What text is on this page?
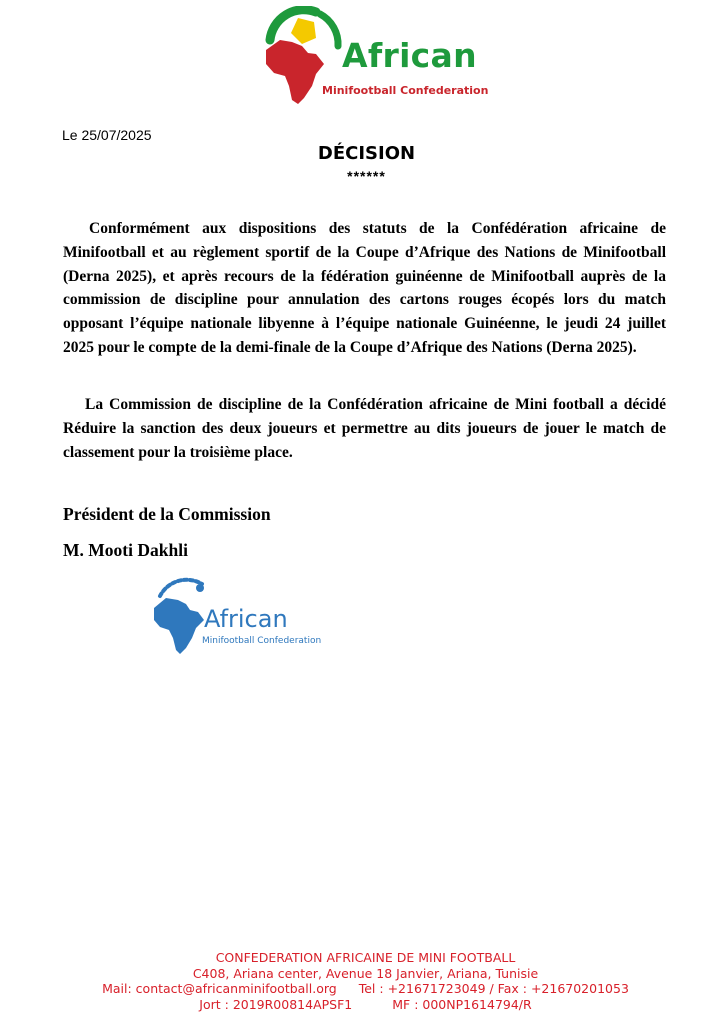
African
Minifootball Confederation
Le 25/07/2025
DÉCISION
******

Conformément aux dispositions des statuts de la Confédération africaine de Minifootball et au règlement sportif de la Coupe d’Afrique des Nations de Minifootball (Derna 2025), et après recours de la fédération guinéenne de Minifootball auprès de la commission de discipline pour annulation des cartons rouges écopés lors du match opposant l’équipe nationale libyenne à l’équipe nationale Guinéenne, le jeudi 24 juillet 2025 pour le compte de la demi-finale de la Coupe d’Afrique des Nations (Derna 2025).

La Commission de discipline de la Confédération africaine de Mini football a décidé Réduire la sanction des deux joueurs et permettre au dits joueurs de jouer le match de classement pour la troisième place.

Président de la Commission
M. Mooti Dakhli
African
Minifootball Confederation
CONFEDERATION AFRICAINE DE MINI FOOTBALL
C408, Ariana center, Avenue 18 Janvier, Ariana, Tunisie
Mail: contact@africanminifootball.org Tel : +21671723049 / Fax : +21670201053
Jort : 2019R00814APSF1	MF : 000NP1614794/R
